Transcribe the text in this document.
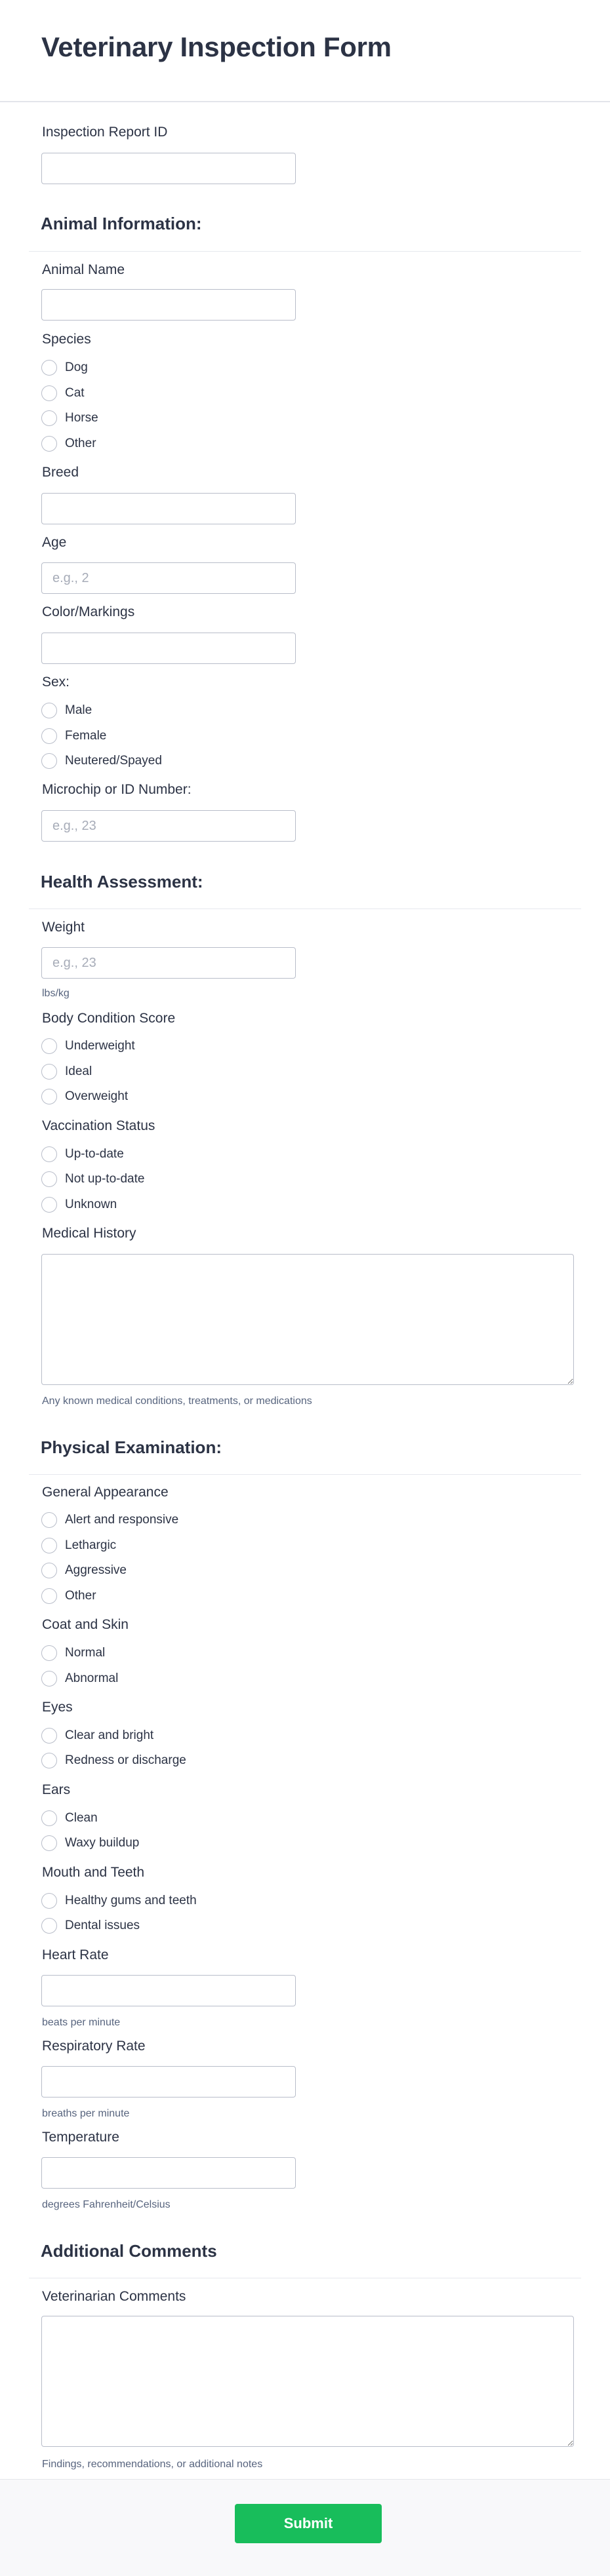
Veterinary Inspection Form
Inspection Report ID
Animal Information:
Animal Name
Species
Dog
Cat
Horse
Other
Breed
Age
e.g., 2
Color/Markings
Sex:
Male
Female
Neutered/Spayed
Microchip or ID Number:
e.g., 23
Health Assessment:
Weight
e.g., 23
lbs/kg
Body Condition Score
Underweight
Ideal
Overweight
Vaccination Status
Up-to-date
Not up-to-date
Unknown
Medical History
Any known medical conditions, treatments, or medications
Physical Examination:
General Appearance
Alert and responsive
Lethargic
Aggressive
Other
Coat and Skin
Normal
Abnormal
Eyes
Clear and bright
Redness or discharge
Ears
Clean
Waxy buildup
Mouth and Teeth
Healthy gums and teeth
Dental issues
Heart Rate
beats per minute
Respiratory Rate
breaths per minute
Temperature
degrees Fahrenheit/Celsius
Additional Comments
Veterinarian Comments
Findings, recommendations, or additional notes
Submit
